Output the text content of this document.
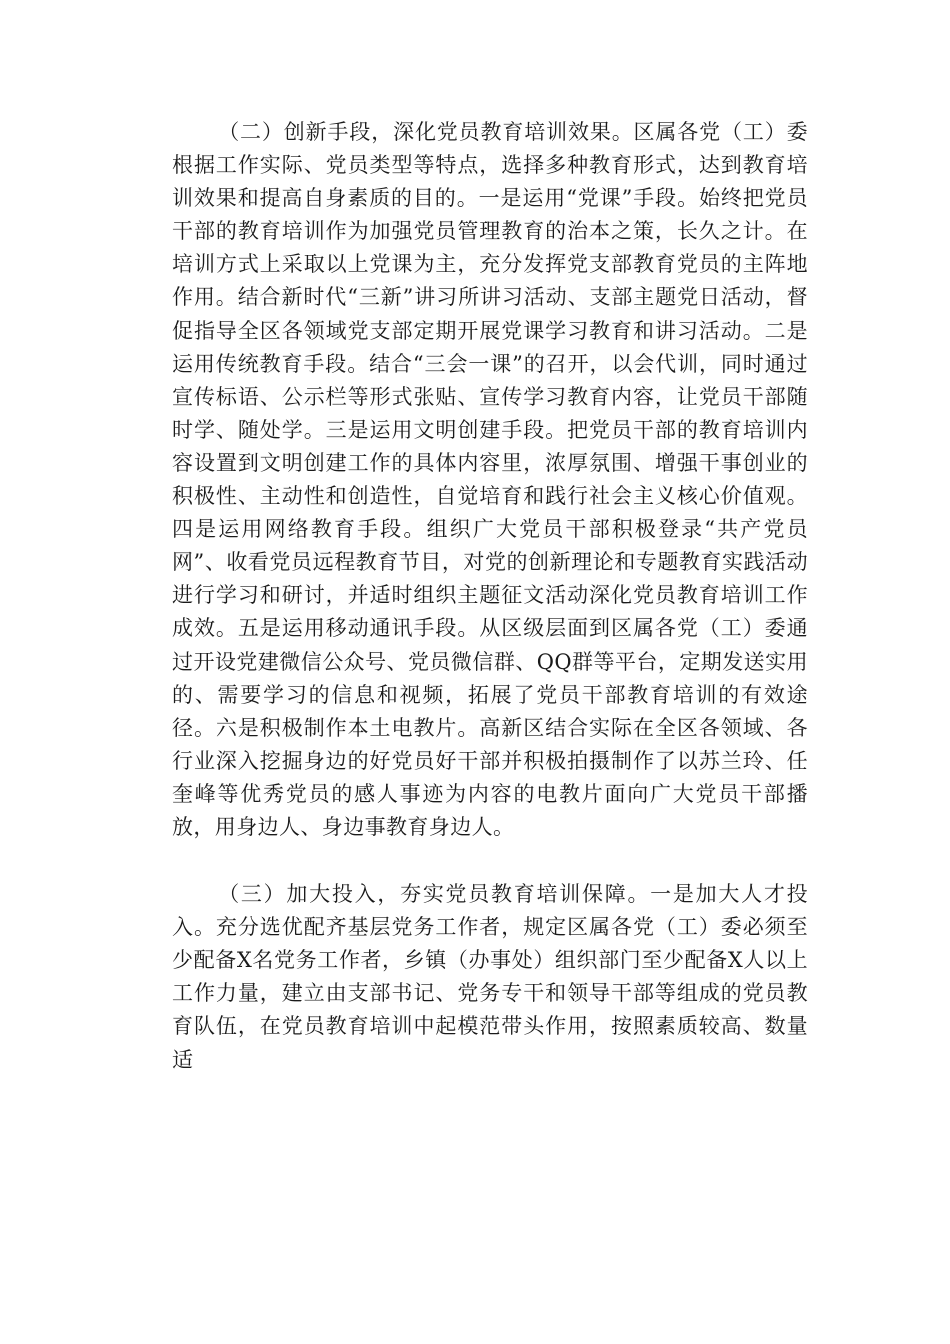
（二）创新手段，深化党员教育培训效果。区属各党（工）委根据工作实际、党员类型等特点，选择多种教育形式，达到教育培训效果和提高自身素质的目的。一是运用“党课”手段。始终把党员干部的教育培训作为加强党员管理教育的治本之策，长久之计。在培训方式上采取以上党课为主，充分发挥党支部教育党员的主阵地作用。结合新时代“三新”讲习所讲习活动、支部主题党日活动，督促指导全区各领域党支部定期开展党课学习教育和讲习活动。二是运用传统教育手段。结合“三会一课”的召开，以会代训，同时通过宣传标语、公示栏等形式张贴、宣传学习教育内容，让党员干部随时学、随处学。三是运用文明创建手段。把党员干部的教育培训内容设置到文明创建工作的具体内容里，浓厚氛围、增强干事创业的积极性、主动性和创造性，自觉培育和践行社会主义核心价值观。四是运用网络教育手段。组织广大党员干部积极登录“共产党员网”、收看党员远程教育节目，对党的创新理论和专题教育实践活动进行学习和研讨，并适时组织主题征文活动深化党员教育培训工作成效。五是运用移动通讯手段。从区级层面到区属各党（工）委通过开设党建微信公众号、党员微信群、QQ群等平台，定期发送实用的、需要学习的信息和视频，拓展了党员干部教育培训的有效途径。六是积极制作本土电教片。高新区结合实际在全区各领域、各行业深入挖掘身边的好党员好干部并积极拍摄制作了以苏兰玲、任奎峰等优秀党员的感人事迹为内容的电教片面向广大党员干部播放，用身边人、身边事教育身边人。

（三）加大投入，夯实党员教育培训保障。一是加大人才投入。充分选优配齐基层党务工作者，规定区属各党（工）委必须至少配备X名党务工作者，乡镇（办事处）组织部门至少配备X人以上工作力量，建立由支部书记、党务专干和领导干部等组成的党员教育队伍，在党员教育培训中起模范带头作用，按照素质较高、数量适
